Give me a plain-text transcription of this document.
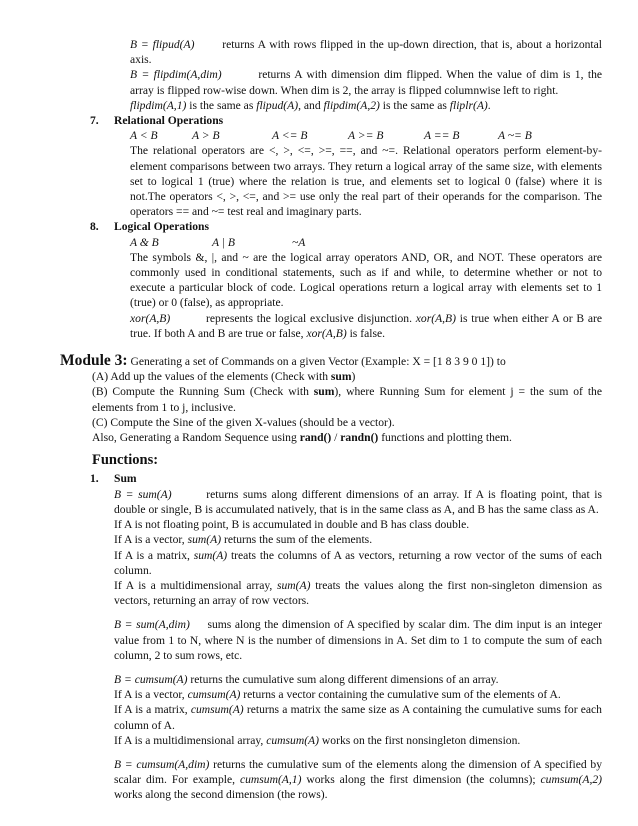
B = flipud(A) returns A with rows flipped in the up-down direction, that is, about a horizontal axis.
B = flipdim(A,dim)	returns A with dimension dim flipped. When the value of dim is 1, the array is flipped row-wise down. When dim is 2, the array is flipped columnwise left to right.
flipdim(A,1) is the same as flipud(A), and flipdim(A,2) is the same as fliplr(A).
7. Relational Operations
A < B	A > B	A <= B	A >= B	A == B	A ~= B
The relational operators are <, >, <=, >=, ==, and ~=. Relational operators perform element-by-element comparisons between two arrays. They return a logical array of the same size, with elements set to logical 1 (true) where the relation is true, and elements set to logical 0 (false) where it is not.The operators <, >, <=, and >= use only the real part of their operands for the comparison. The operators == and ~= test real and imaginary parts.
8. Logical Operations
A & B	A | B	~A
The symbols &, |, and ~ are the logical array operators AND, OR, and NOT. These operators are commonly used in conditional statements, such as if and while, to determine whether or not to execute a particular block of code. Logical operations return a logical array with elements set to 1 (true) or 0 (false), as appropriate.
xor(A,B)	represents the logical exclusive disjunction. xor(A,B) is true when either A or B are true. If both A and B are true or false, xor(A,B) is false.
Module 3: Generating a set of Commands on a given Vector (Example: X = [1 8 3 9 0 1]) to
(A) Add up the values of the elements (Check with sum)
(B) Compute the Running Sum (Check with sum), where Running Sum for element j = the sum of the elements from 1 to j, inclusive.
(C) Compute the Sine of the given X-values (should be a vector).
Also, Generating a Random Sequence using rand() / randn() functions and plotting them.
Functions:
1. Sum
B = sum(A)	returns sums along different dimensions of an array. If A is floating point, that is double or single, B is accumulated natively, that is in the same class as A, and B has the same class as A.
If A is not floating point, B is accumulated in double and B has class double.
If A is a vector, sum(A) returns the sum of the elements.
If A is a matrix, sum(A) treats the columns of A as vectors, returning a row vector of the sums of each column.
If A is a multidimensional array, sum(A) treats the values along the first non-singleton dimension as vectors, returning an array of row vectors.
B = sum(A,dim) sums along the dimension of A specified by scalar dim. The dim input is an integer value from 1 to N, where N is the number of dimensions in A. Set dim to 1 to compute the sum of each column, 2 to sum rows, etc.
B = cumsum(A) returns the cumulative sum along different dimensions of an array.
If A is a vector, cumsum(A) returns a vector containing the cumulative sum of the elements of A.
If A is a matrix, cumsum(A) returns a matrix the same size as A containing the cumulative sums for each column of A.
If A is a multidimensional array, cumsum(A) works on the first nonsingleton dimension.
B = cumsum(A,dim) returns the cumulative sum of the elements along the dimension of A specified by scalar dim. For example, cumsum(A,1) works along the first dimension (the columns); cumsum(A,2) works along the second dimension (the rows).
